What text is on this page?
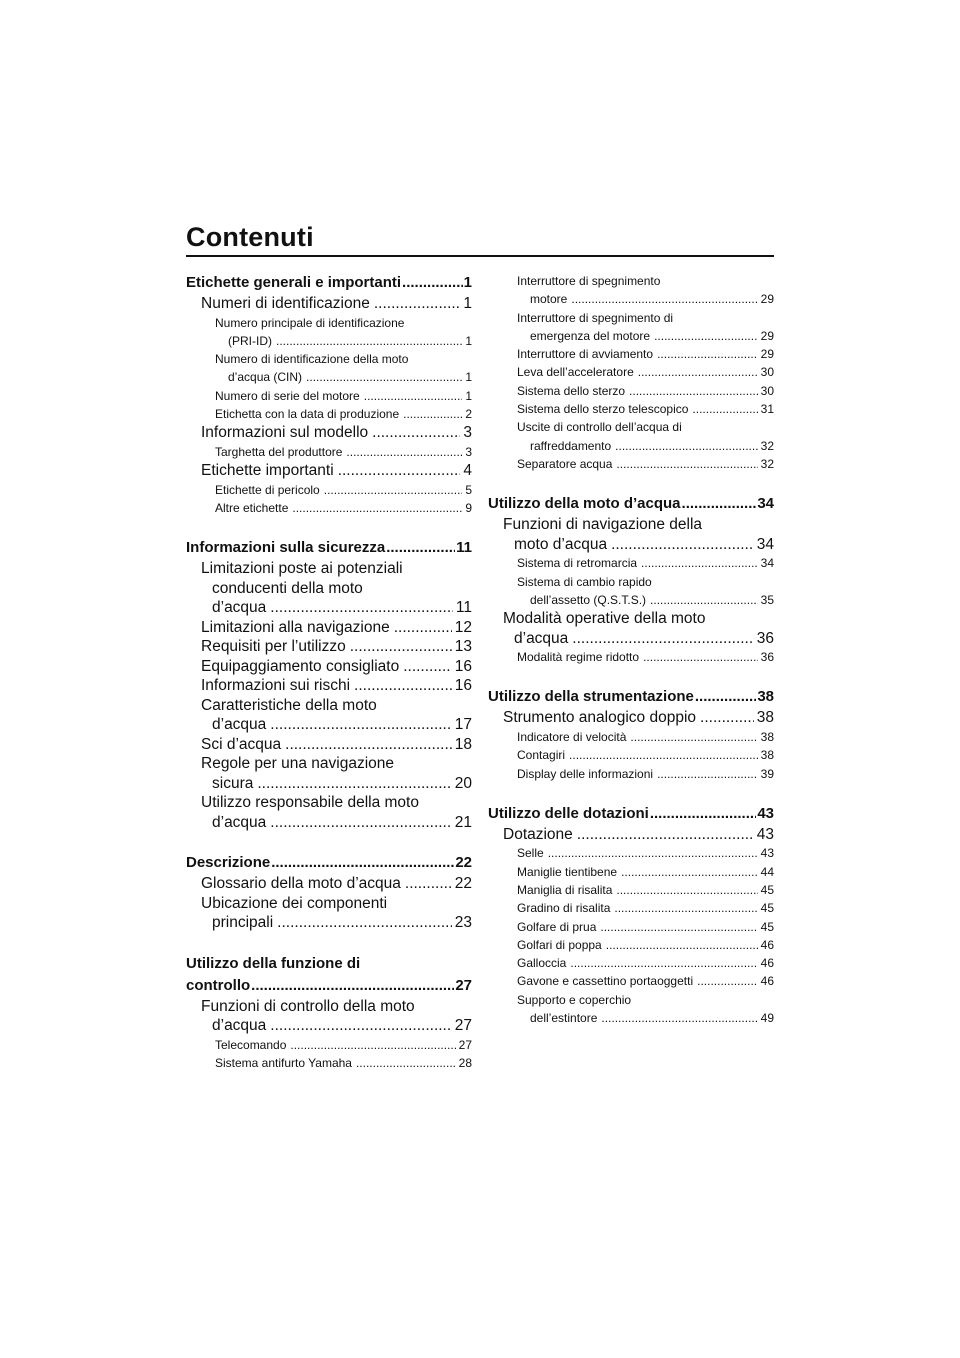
Contenuti
Etichette generali e importanti .....	1
Numeri di identificazione .....	1
Numero principale di identificazione
(PRI-ID) .....	1
Numero di identificazione della moto
d’acqua (CIN) .....	1
Numero di serie del motore .....	1
Etichetta con la data di produzione .....	2
Informazioni sul modello .....	3
Targhetta del produttore .....	3
Etichette importanti .....	4
Etichette di pericolo .....	5
Altre etichette .....	9
Informazioni sulla sicurezza .....	11
Limitazioni poste ai potenziali
conducenti della moto
d’acqua .....	11
Limitazioni alla navigazione .....	12
Requisiti per l’utilizzo .....	13
Equipaggiamento consigliato .....	16
Informazioni sui rischi .....	16
Caratteristiche della moto
d’acqua .....	17
Sci d’acqua .....	18
Regole per una navigazione
sicura .....	20
Utilizzo responsabile della moto
d’acqua .....	21
Descrizione .....	22
Glossario della moto d’acqua .....	22
Ubicazione dei componenti
principali .....	23
Utilizzo della funzione di
controllo .....	27
Funzioni di controllo della moto
d’acqua .....	27
Telecomando .....	27
Sistema antifurto Yamaha .....	28
Interruttore di spegnimento
motore .....	29
Interruttore di spegnimento di
emergenza del motore .....	29
Interruttore di avviamento .....	29
Leva dell’acceleratore .....	30
Sistema dello sterzo .....	30
Sistema dello sterzo telescopico .....	31
Uscite di controllo dell’acqua di
raffreddamento .....	32
Separatore acqua .....	32
Utilizzo della moto d’acqua .....	34
Funzioni di navigazione della
moto d’acqua .....	34
Sistema di retromarcia .....	34
Sistema di cambio rapido
dell’assetto (Q.S.T.S.) .....	35
Modalità operative della moto
d’acqua .....	36
Modalità regime ridotto .....	36
Utilizzo della strumentazione .....	38
Strumento analogico doppio .....	38
Indicatore di velocità .....	38
Contagiri .....	38
Display delle informazioni .....	39
Utilizzo delle dotazioni .....	43
Dotazione .....	43
Selle .....	43
Maniglie tientibene .....	44
Maniglia di risalita .....	45
Gradino di risalita .....	45
Golfare di prua .....	45
Golfari di poppa .....	46
Galloccia .....	46
Gavone e cassettino portaoggetti .....	46
Supporto e coperchio
dell’estintore .....	49
